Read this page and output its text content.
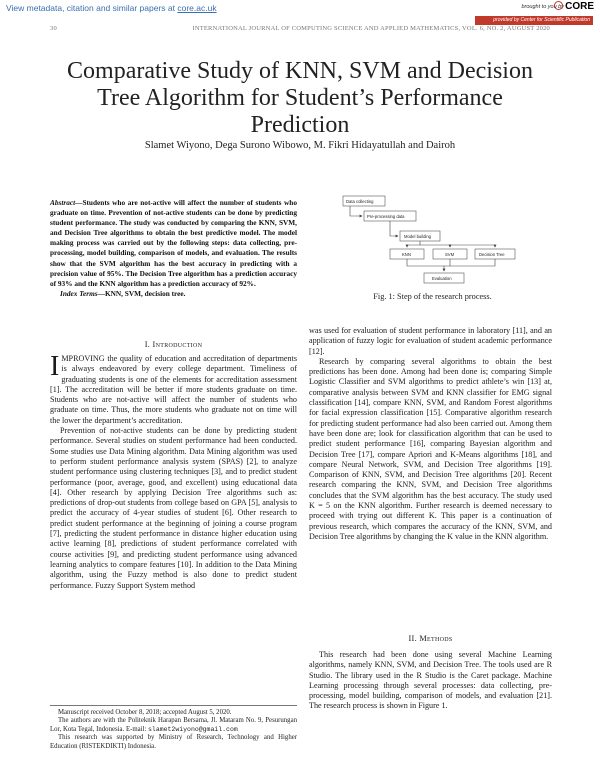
View metadata, citation and similar papers at core.ac.uk	brought to you by CORE
provided by Center for Scientific Publication
30	INTERNATIONAL JOURNAL OF COMPUTING SCIENCE AND APPLIED MATHEMATICS, VOL. 6, NO. 2, AUGUST 2020
Comparative Study of KNN, SVM and Decision Tree Algorithm for Student’s Performance Prediction
Slamet Wiyono, Dega Surono Wibowo, M. Fikri Hidayatullah and Dairoh
Abstract—Students who are not-active will affect the number of students who graduate on time. Prevention of not-active students can be done by predicting student performance. The study was conducted by comparing the KNN, SVM, and Decision Tree algorithms to obtain the best predictive model. The model making process was carried out by the following steps: data collecting, pre-processing, model building, comparison of models, and evaluation. The results show that the SVM algorithm has the best accuracy in predicting with a precision value of 95%. The Decision Tree algorithm has a prediction accuracy of 93% and the KNN algorithm has a prediction accuracy of 92%.
Index Terms—KNN, SVM, decision tree.
Data collecting
Pre-processing data
Model building
KNN	SVM	Decision Tree
Evaluation
Fig. 1: Step of the research process.
I. Introduction

IMPROVING the quality of education and accreditation of departments is always endeavored by every college department. Timeliness of graduating students is one of the elements for accreditation assessment [1]. The accreditation will be better if more students graduate on time. Students who are not-active will affect the number of students who graduate on time. Thus, the more students who graduate not on time will the lower the department’s accreditation.

Prevention of not-active students can be done by predicting student performance. Several studies on student performance had been conducted. Some studies use Data Mining algorithm. Data Mining algorithm was used to perform student performance analysis system (SPAS) [2], to analyze student performance using clustering techniques [3], and to predict student performance (poor, average, good, and excellent) using educational data [4]. Other research by applying Decision Tree algorithms such as: predictions of drop-out students from college based on GPA [5], analysis to predict the accuracy of 4-year studies of student [6]. Other research to predict student performance at the beginning of joining a course program [7], predicting the student performance in distance higher education using active learning [8], predictions of student performance correlated with course activities [9], and predicting student performance using advanced learning analytics to compare features [10]. In addition to the Data Mining algorithm, using the Fuzzy method is also done to predict student performance. Fuzzy Support System method

Manuscript received October 8, 2018; accepted August 5, 2020.

The authors are with the Politeknik Harapan Bersama, Jl. Mataram No. 9, Pesurungan Lor, Kota Tegal, Indonesia. E-mail: slamet2wiyono@gmail.com

This research was supported by Ministry of Research, Technology and Higher Education (RISTEKDIKTI) Indonesia.

was used for evaluation of student performance in laboratory [11], and an application of fuzzy logic for evaluation of student academic performance [12].

Research by comparing several algorithms to obtain the best predictions has been done. Among had been done is; comparing Simple Logistic Classifier and SVM algorithms to predict athlete’s win [13] at, comparative analysis between SVM and KNN classifier for EMG signal classification [14], compare KNN, SVM, and Random Forest algorithms for facial expression classification [15]. Comparative algorithm research for predicting student performance had also been carried out. Among them have been done are; look for classification algorithm that can be used to predict student performance [16], comparing Bayesian algorithm and Decision Tree [17], compare Apriori and K-Means algorithms [18], and compare Neural Network, SVM, and Decision Tree algorithms [19]. Comparison of KNN, SVM, and Decision Tree algorithms [20]. Recent research comparing the KNN, SVM, and Decision Tree algorithms concludes that the SVM algorithm has the best accuracy. The study used K = 5 on the KNN algorithm. Further research is deemed necessary to proceed with trying out different K. This paper is a continuation of previous research, which compares the accuracy of the KNN, SVM, and Decision Tree algorithms by changing the K value in the KNN algorithm.

II. Methods

This research had been done using several Machine Learning algorithms, namely KNN, SVM, and Decision Tree. The tools used are R Studio. The library used in the R Studio is the Caret package. Machine Learning processing through several processes: data collecting, pre-processing, model building, comparison of models, and evaluation [21]. The research process is shown in Figure 1.
